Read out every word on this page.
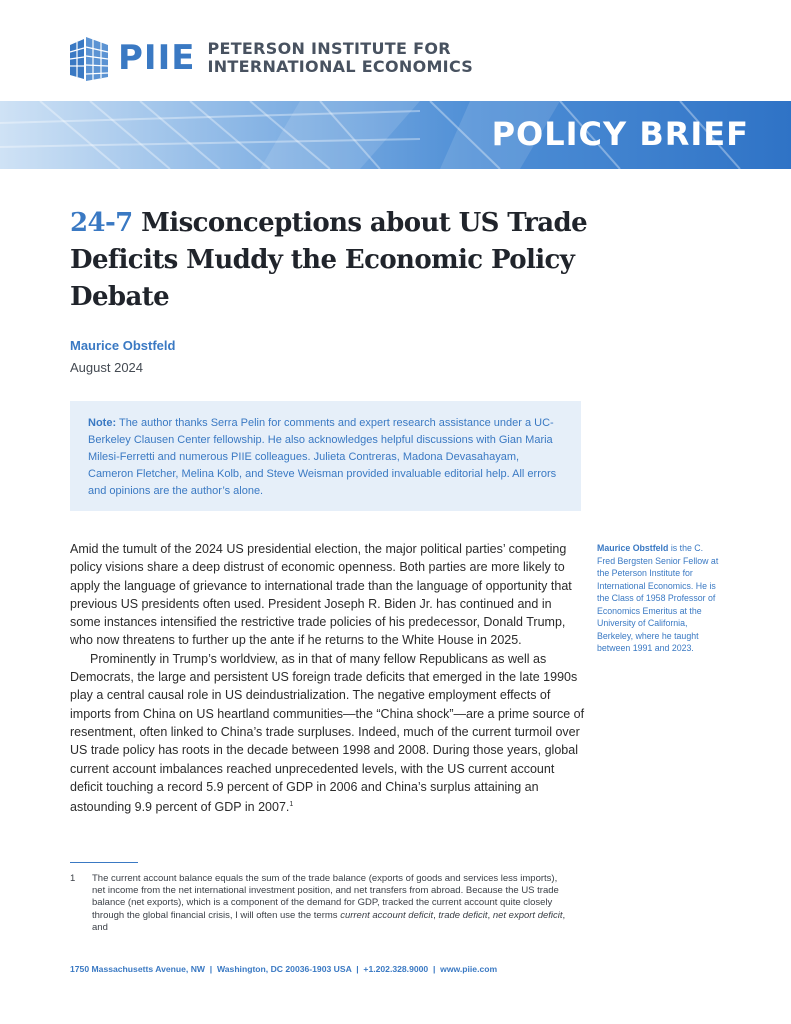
PIIE PETERSON INSTITUTE FOR
INTERNATIONAL ECONOMICS
POLICY BRIEF
24-7 Misconceptions about US Trade Deficits Muddy the Economic Policy Debate
Maurice Obstfeld
August 2024
Note: The author thanks Serra Pelin for comments and expert research assistance under a UC-Berkeley Clausen Center fellowship. He also acknowledges helpful discussions with Gian Maria Milesi-Ferretti and numerous PIIE colleagues. Julieta Contreras, Madona Devasahayam, Cameron Fletcher, Melina Kolb, and Steve Weisman provided invaluable editorial help. All errors and opinions are the author’s alone.

Amid the tumult of the 2024 US presidential election, the major political parties’ competing policy visions share a deep distrust of economic openness. Both parties are more likely to apply the language of grievance to international trade than the language of opportunity that previous US presidents often used. President Joseph R. Biden Jr. has continued and in some instances intensified the restrictive trade policies of his predecessor, Donald Trump, who now threatens to further up the ante if he returns to the White House in 2025.

Prominently in Trump’s worldview, as in that of many fellow Republicans as well as Democrats, the large and persistent US foreign trade deficits that emerged in the late 1990s play a central causal role in US deindustrialization. The negative employment effects of imports from China on US heartland communities—the “China shock”—are a prime source of resentment, often linked to China’s trade surpluses. Indeed, much of the current turmoil over US trade policy has roots in the decade between 1998 and 2008. During those years, global current account imbalances reached unprecedented levels, with the US current account deficit touching a record 5.9 percent of GDP in 2006 and China’s surplus attaining an astounding 9.9 percent of GDP in 2007.$^1$

Maurice Obstfeld is the C. Fred Bergsten Senior Fellow at the Peterson Institute for International Economics. He is the Class of 1958 Professor of Economics Emeritus at the University of California, Berkeley, where he taught between 1991 and 2023.
1	The current account balance equals the sum of the trade balance (exports of goods and services less imports), net income from the net international investment position, and net transfers from abroad. Because the US trade balance (net exports), which is a component of the demand for GDP, tracked the current account quite closely through the global financial crisis, I will often use the terms current account deficit, trade deficit, net export deficit, and
1750 Massachusetts Avenue, NW  |  Washington, DC 20036-1903 USA  |  +1.202.328.9000  |  www.piie.com
